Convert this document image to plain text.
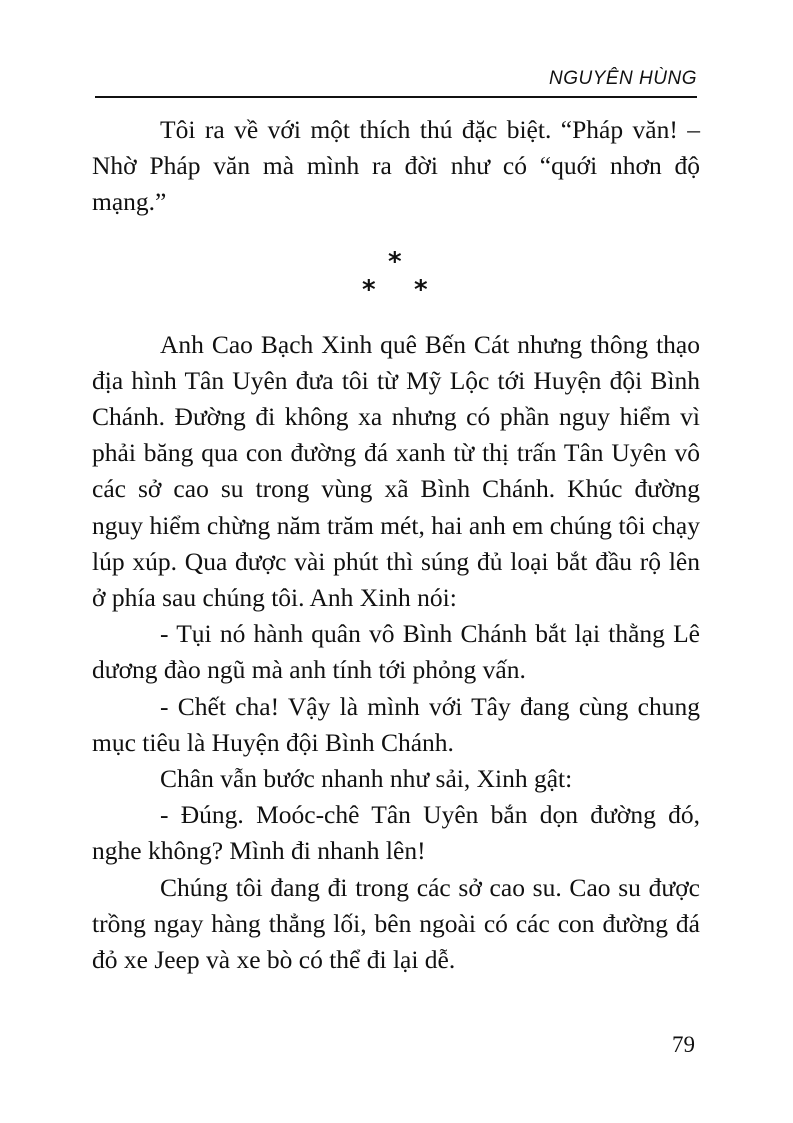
NGUYÊN HÙNG

Tôi ra về với một thích thú đặc biệt. “Pháp văn! – Nhờ Pháp văn mà mình ra đời như có “quới nhơn độ mạng.”

*
* *

Anh Cao Bạch Xinh quê Bến Cát nhưng thông thạo địa hình Tân Uyên đưa tôi từ Mỹ Lộc tới Huyện đội Bình Chánh. Đường đi không xa nhưng có phần nguy hiểm vì phải băng qua con đường đá xanh từ thị trấn Tân Uyên vô các sở cao su trong vùng xã Bình Chánh. Khúc đường nguy hiểm chừng năm trăm mét, hai anh em chúng tôi chạy lúp xúp. Qua được vài phút thì súng đủ loại bắt đầu rộ lên ở phía sau chúng tôi. Anh Xinh nói:

- Tụi nó hành quân vô Bình Chánh bắt lại thằng Lê dương đào ngũ mà anh tính tới phỏng vấn.

- Chết cha! Vậy là mình với Tây đang cùng chung mục tiêu là Huyện đội Bình Chánh.

Chân vẫn bước nhanh như sải, Xinh gật:

- Đúng. Moóc-chê Tân Uyên bắn dọn đường đó, nghe không? Mình đi nhanh lên!

Chúng tôi đang đi trong các sở cao su. Cao su được trồng ngay hàng thẳng lối, bên ngoài có các con đường đá đỏ xe Jeep và xe bò có thể đi lại dễ.

79
